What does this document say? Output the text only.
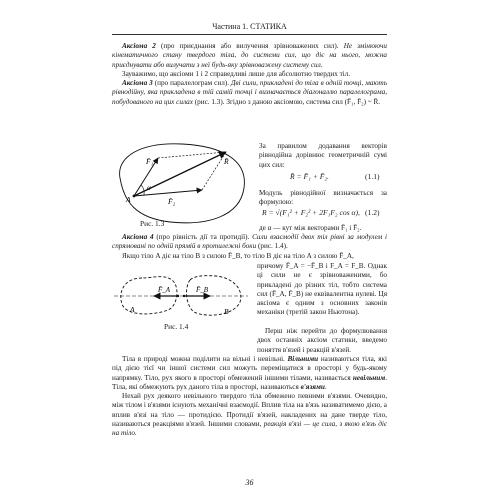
Частина 1. СТАТИКА

Аксіома 2 (про приєднання або вилучення зрівноважених сил). Не змінюючи кінематичного стану твердого тіла, до системи сил, що діє на нього, можна приєднувати або вилучати з неї будь-яку зрівноважену систему сил.

Зауважимо, що аксіоми 1 і 2 справедливі лише для абсолютно твердих тіл.

Аксіома 3 (про паралелограм сил). Дві сили, прикладені до тіла в одній точці, мають рівнодійну, яка прикладена в тій самій точці і визначається діагоналлю паралелограма, побудованого на цих силах (рис. 1.3). Згідно з даною аксіомою, система сил (F̄₁, F̄₂) ~ R̄.

F̄₁	R̄
F̄₂
A
α
Рис. 1.3
За правилом додавання векторів рівнодійна дорівнює геометричній сумі цих сил:
R̄ = F̄₁ + F̄₂.	(1.1)
Модуль рівнодійної визначається за формулою:
R = √(F₁² + F₂² + 2F₁F₂ cos α), (1.2)
де α — кут між векторами F̄₁ і F̄₂.

Аксіома 4 (про рівність дії та протидії). Сили взаємодії двох тіл рівні за модулем і спрямовані по одній прямій в протилежні боки (рис. 1.4).

Якщо тіло A діє на тіло B з силою F̄_B, то тіло B діє на тіло A з силою F̄_A,

F̄_A	F̄_B
A	B
Рис. 1.4
причому F̄_A = −F̄_B і F_A = F_B. Однак ці сили не є зрівноваженими, бо прикладені до різних тіл, тобто система сил (F̄_A, F̄_B) не еквівалентна нулеві. Ця аксіома є одним з основних законів механіки (третій закон Ньютона).
Перш ніж перейти до формулювання двох останніх аксіом статики, введемо поняття в'язей і реакцій в'язей.

Тіла в природі можна поділити на вільні і невільні. Вільними називаються тіла, які під дією тієї чи іншої системи сил можуть переміщатися в просторі у будь-якому напрямку. Тіло, рух якого в просторі обмежений іншими тілами, називається невільним. Тіла, які обмежують рух даного тіла в просторі, називаються в'язями.

Нехай рух деякого невільного твердого тіла обмежено певними в'язями. Очевидно, між тілом і в'язями існують механічні взаємодії. Вплив тіла на в'язь називатимемо дією, а вплив в'язі на тіло — протидією. Протидії в'язей, накладених на дане тверде тіло, називаються реакціями в'язей. Іншими словами, реакція в'язі — це сила, з якою в'язь діє на тіло.

36
